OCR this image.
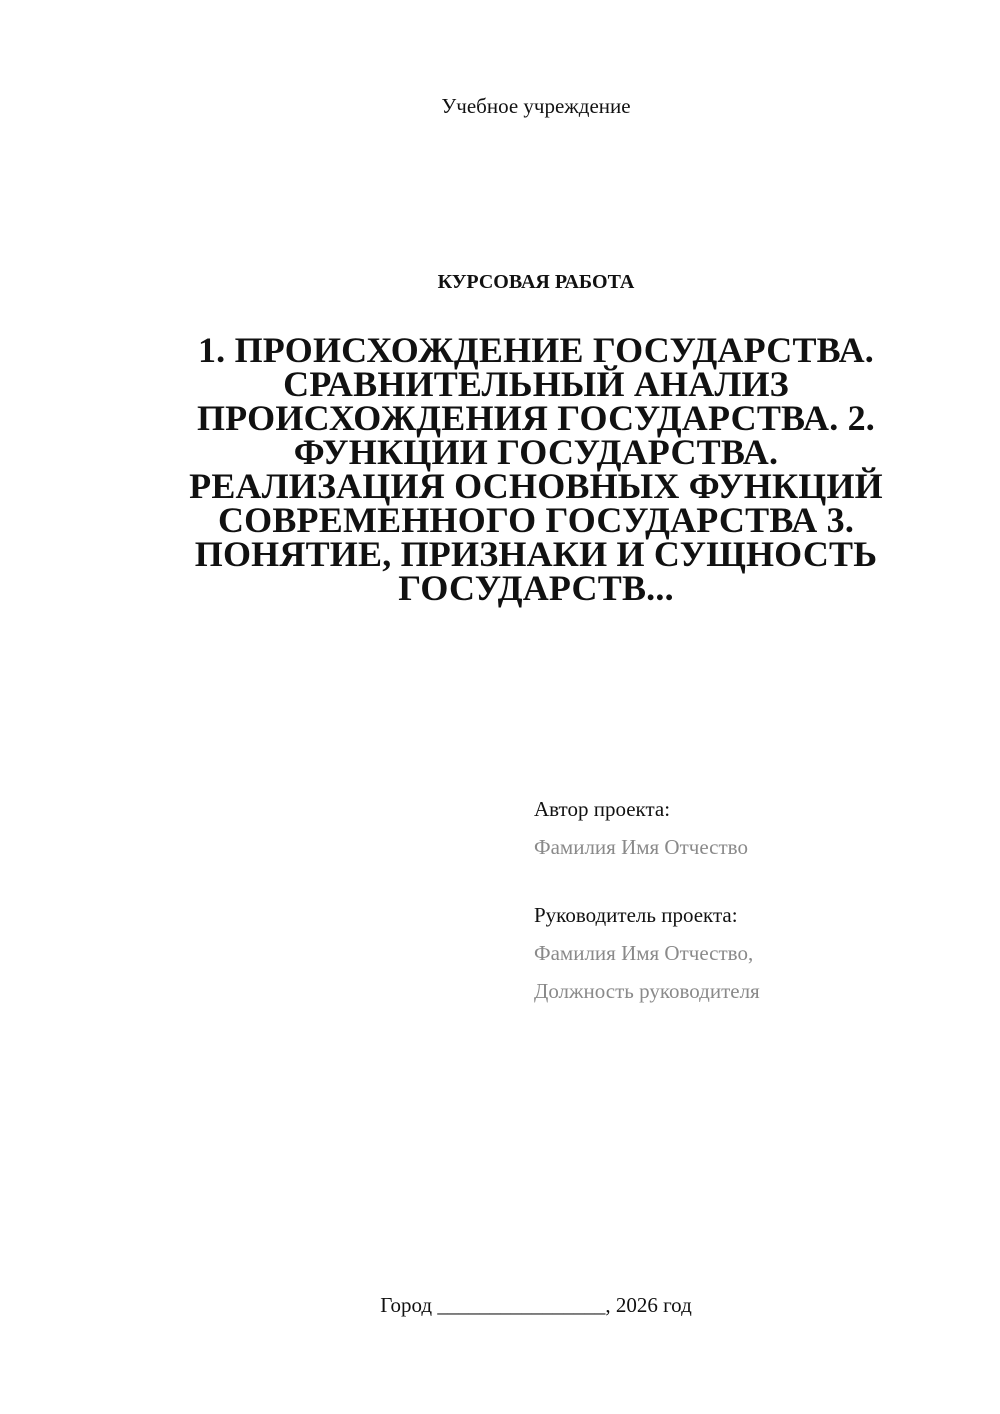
Учебное учреждение
КУРСОВАЯ РАБОТА
1. ПРОИСХОЖДЕНИЕ ГОСУДАРСТВА. СРАВНИТЕЛЬНЫЙ АНАЛИЗ ПРОИСХОЖДЕНИЯ ГОСУДАРСТВА. 2. ФУНКЦИИ ГОСУДАРСТВА. РЕАЛИЗАЦИЯ ОСНОВНЫХ ФУНКЦИЙ СОВРЕМЕННОГО ГОСУДАРСТВА 3. ПОНЯТИЕ, ПРИЗНАКИ И СУЩНОСТЬ ГОСУДАРСТВ...
Автор проекта:
Фамилия Имя Отчество
Руководитель проекта:
Фамилия Имя Отчество,
Должность руководителя
Город ________________, 2026 год
